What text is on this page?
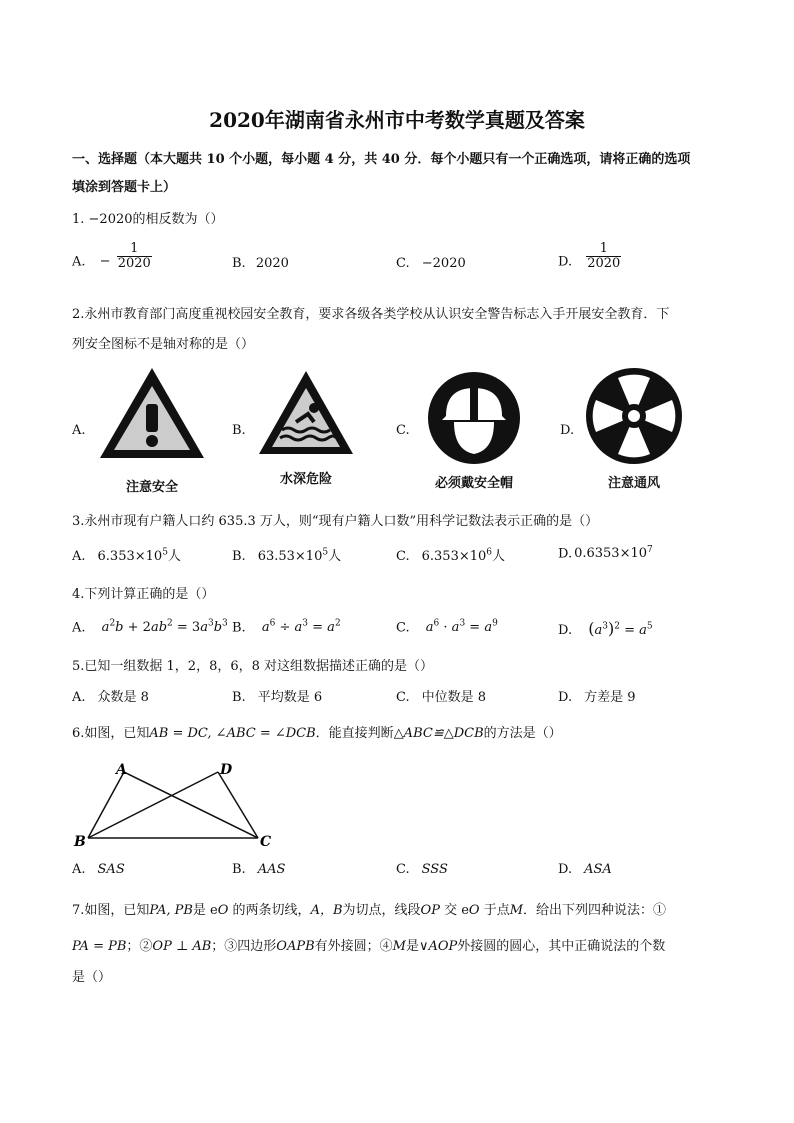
2020年湖南省永州市中考数学真题及答案
一、选择题（本大题共 10 个小题，每小题 4 分，共 40 分．每个小题只有一个正确选项，请将正确的选项
填涂到答题卡上）
1. −2020的相反数为（）
A. − $\frac{1}{2020}$	B. 2020	C. −2020	D. $\frac{1}{2020}$
2.永州市教育部门高度重视校园安全教育，要求各级各类学校从认识安全警告标志入手开展安全教育．下
列安全图标不是轴对称的是（）
A.
注意安全
B.
水深危险
C.
必须戴安全帽
D.
注意通风
3.永州市现有户籍人口约 635.3 万人，则“现有户籍人口数”用科学记数法表示正确的是（）
A. $6.353\times 10^5$人	B. $63.53\times 10^5$人	C. $6.353\times 10^6$人	D. $0.6353\times 10^7$
4.下列计算正确的是（）
A. $a^2b + 2ab^2 = 3a^3b^3$ B. $a^6 \div a^3 = a^2$	C. $a^6 \cdot a^3 = a^9$	D. $(a^3)^2 = a^5$
5.已知一组数据 1，2，8，6，8 对这组数据描述正确的是（）
A. 众数是 8	B. 平均数是 6	C. 中位数是 8	D. 方差是 9
6.如图，已知AB = DC, ∠ABC = ∠DCB．能直接判断△ABC≌△DCB的方法是（）
A	D
B	C
A. SAS	B. AAS	C. SSS	D. ASA
7.如图，已知PA, PB是 eO 的两条切线，A，B为切点，线段OP 交 eO 于点M．给出下列四种说法：①
PA = PB；②OP ⊥ AB；③四边形OAPB有外接圆；④M是∨AOP外接圆的圆心，其中正确说法的个数
是（）
